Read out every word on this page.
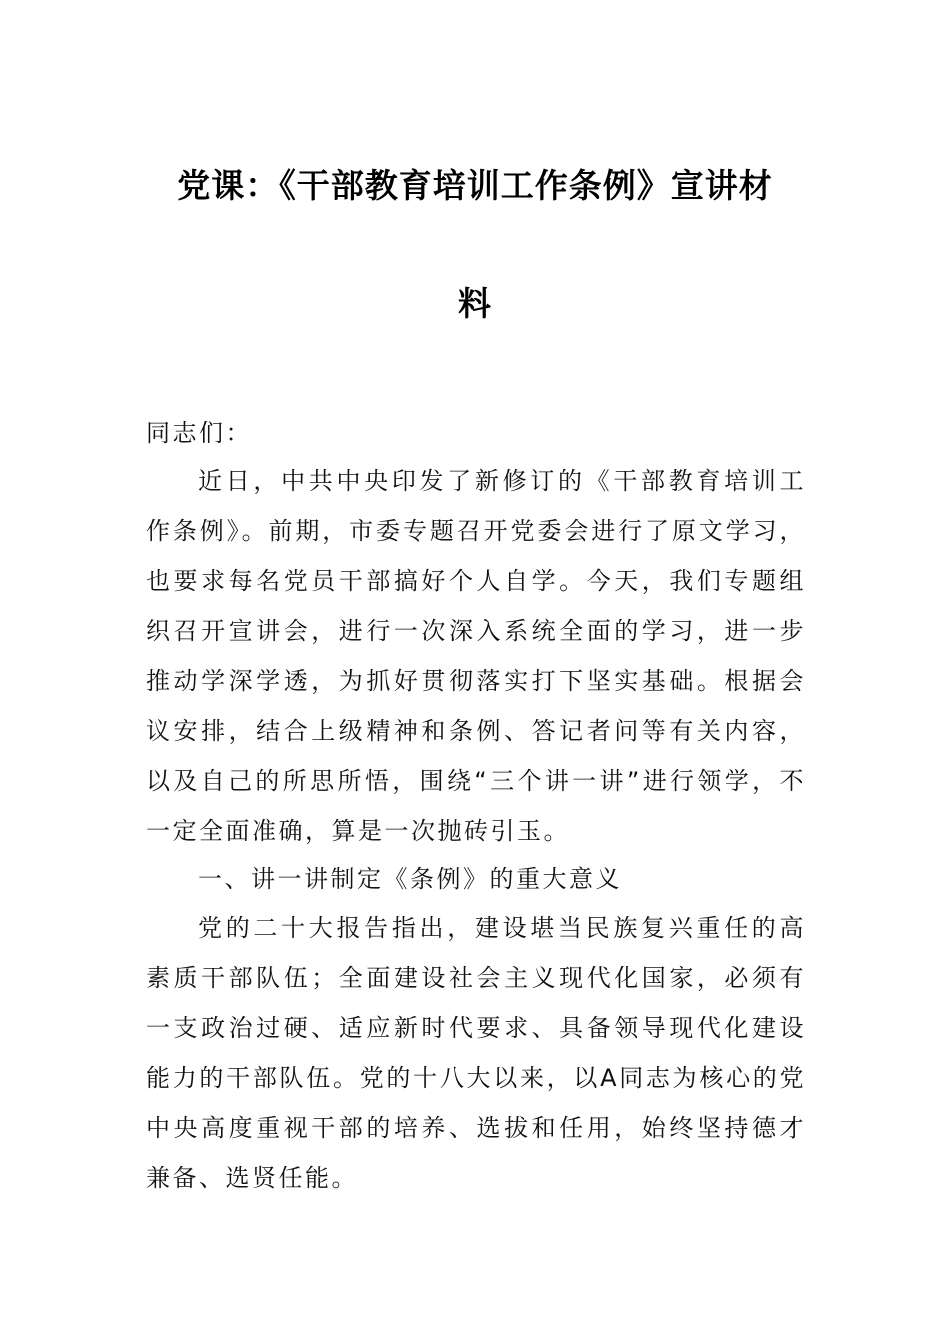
党课：《干部教育培训工作条例》宣讲材
料

同志们：

近日，中共中央印发了新修订的《干部教育培训工作条例》。前期，市委专题召开党委会进行了原文学习，也要求每名党员干部搞好个人自学。今天，我们专题组织召开宣讲会，进行一次深入系统全面的学习，进一步推动学深学透，为抓好贯彻落实打下坚实基础。根据会议安排，结合上级精神和条例、答记者问等有关内容，以及自己的所思所悟，围绕“三个讲一讲”进行领学，不一定全面准确，算是一次抛砖引玉。

一、讲一讲制定《条例》的重大意义

党的二十大报告指出，建设堪当民族复兴重任的高素质干部队伍；全面建设社会主义现代化国家，必须有一支政治过硬、适应新时代要求、具备领导现代化建设能力的干部队伍。党的十八大以来，以A同志为核心的党中央高度重视干部的培养、选拔和任用，始终坚持德才兼备、选贤任能。
